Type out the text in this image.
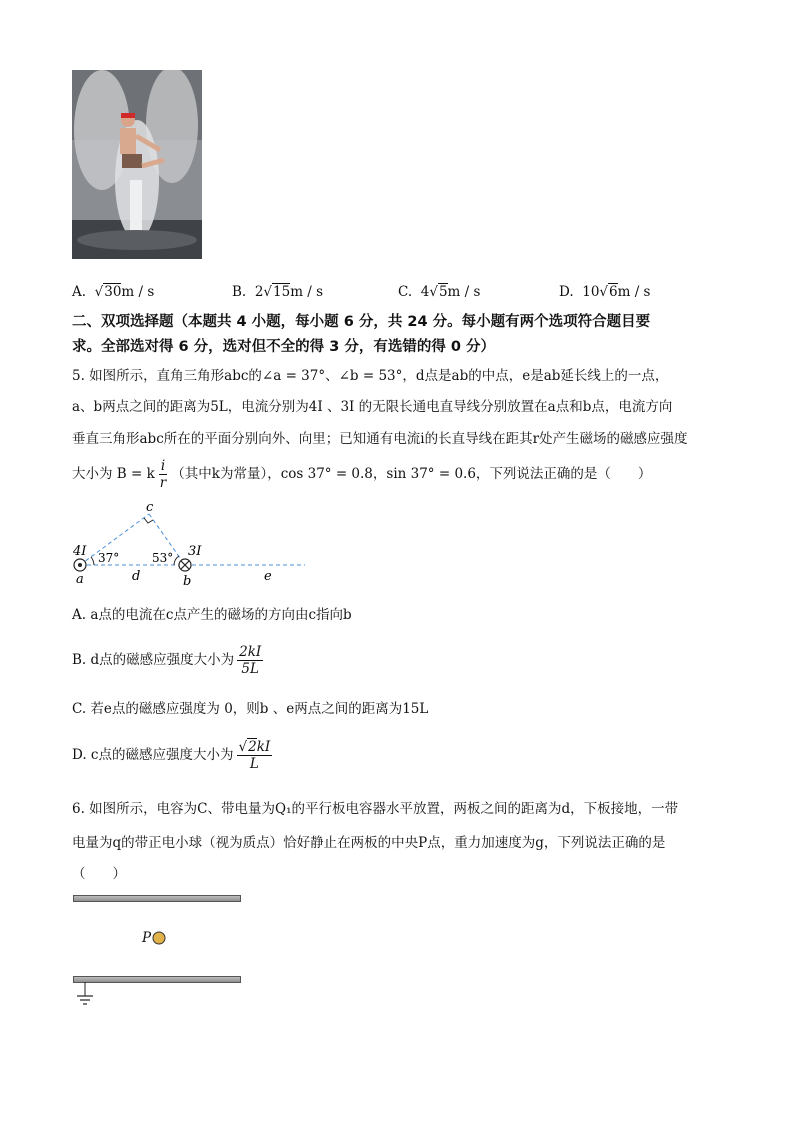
A.  √30m / s	B. 2√15m / s	C. 4√5m / s	D. 10√6m / s
二、双项选择题（本题共 4 小题，每小题 6 分，共 24 分。每小题有两个选项符合题目要
求。全部选对得 6 分，选对但不全的得 3 分，有选错的得 0 分）
5. 如图所示，直角三角形abc的∠a = 37°、∠b = 53°，d点是ab的中点，e是ab延长线上的一点，
a、b两点之间的距离为5L，电流分别为4I 、3I 的无限长通电直导线分别放置在a点和b点，电流方向
垂直三角形abc所在的平面分别向外、向里；已知通有电流i的长直导线在距其r处产生磁场的磁感应强度
大小为 B = k $\frac{i}{r}$ （其中k为常量），cos 37° = 0.8，sin 37° = 0.6，下列说法正确的是（　　）
c
4I	3I
37°	53°
a	d	b	e
A. a点的电流在c点产生的磁场的方向由c指向b
B. d点的磁感应强度大小为 $\frac{2kI}{5L}$
C. 若e点的磁感应强度为 0，则b 、e两点之间的距离为15L
D. c点的磁感应强度大小为 $\frac{√2kI}{L}$
6. 如图所示，电容为C、带电量为Q₁的平行板电容器水平放置，两板之间的距离为d，下板接地，一带
电量为q的带正电小球（视为质点）恰好静止在两板的中央P点，重力加速度为g，下列说法正确的是
（　　）
P
